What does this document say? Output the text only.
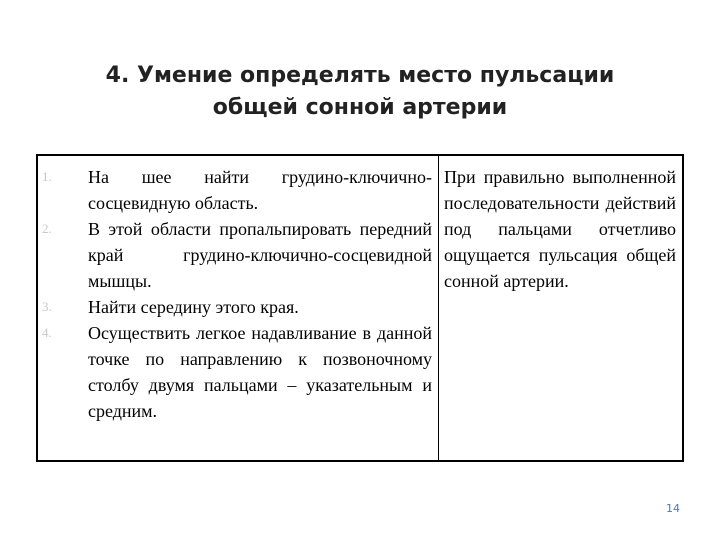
4. Умение определять место пульсации
общей сонной артерии
1.	На шее найти грудино-ключично-сосцевидную область.
2.	В этой области пропальпировать передний край грудино-ключично-сосцевидной мышцы.
3.	Найти середину этого края.
4.	Осуществить легкое надавливание в данной точке по направлению к позвоночному столбу двумя пальцами – указательным и средним.

При правильно выполненной последовательности действий под пальцами отчетливо ощущается пульсация общей сонной артерии.

14
